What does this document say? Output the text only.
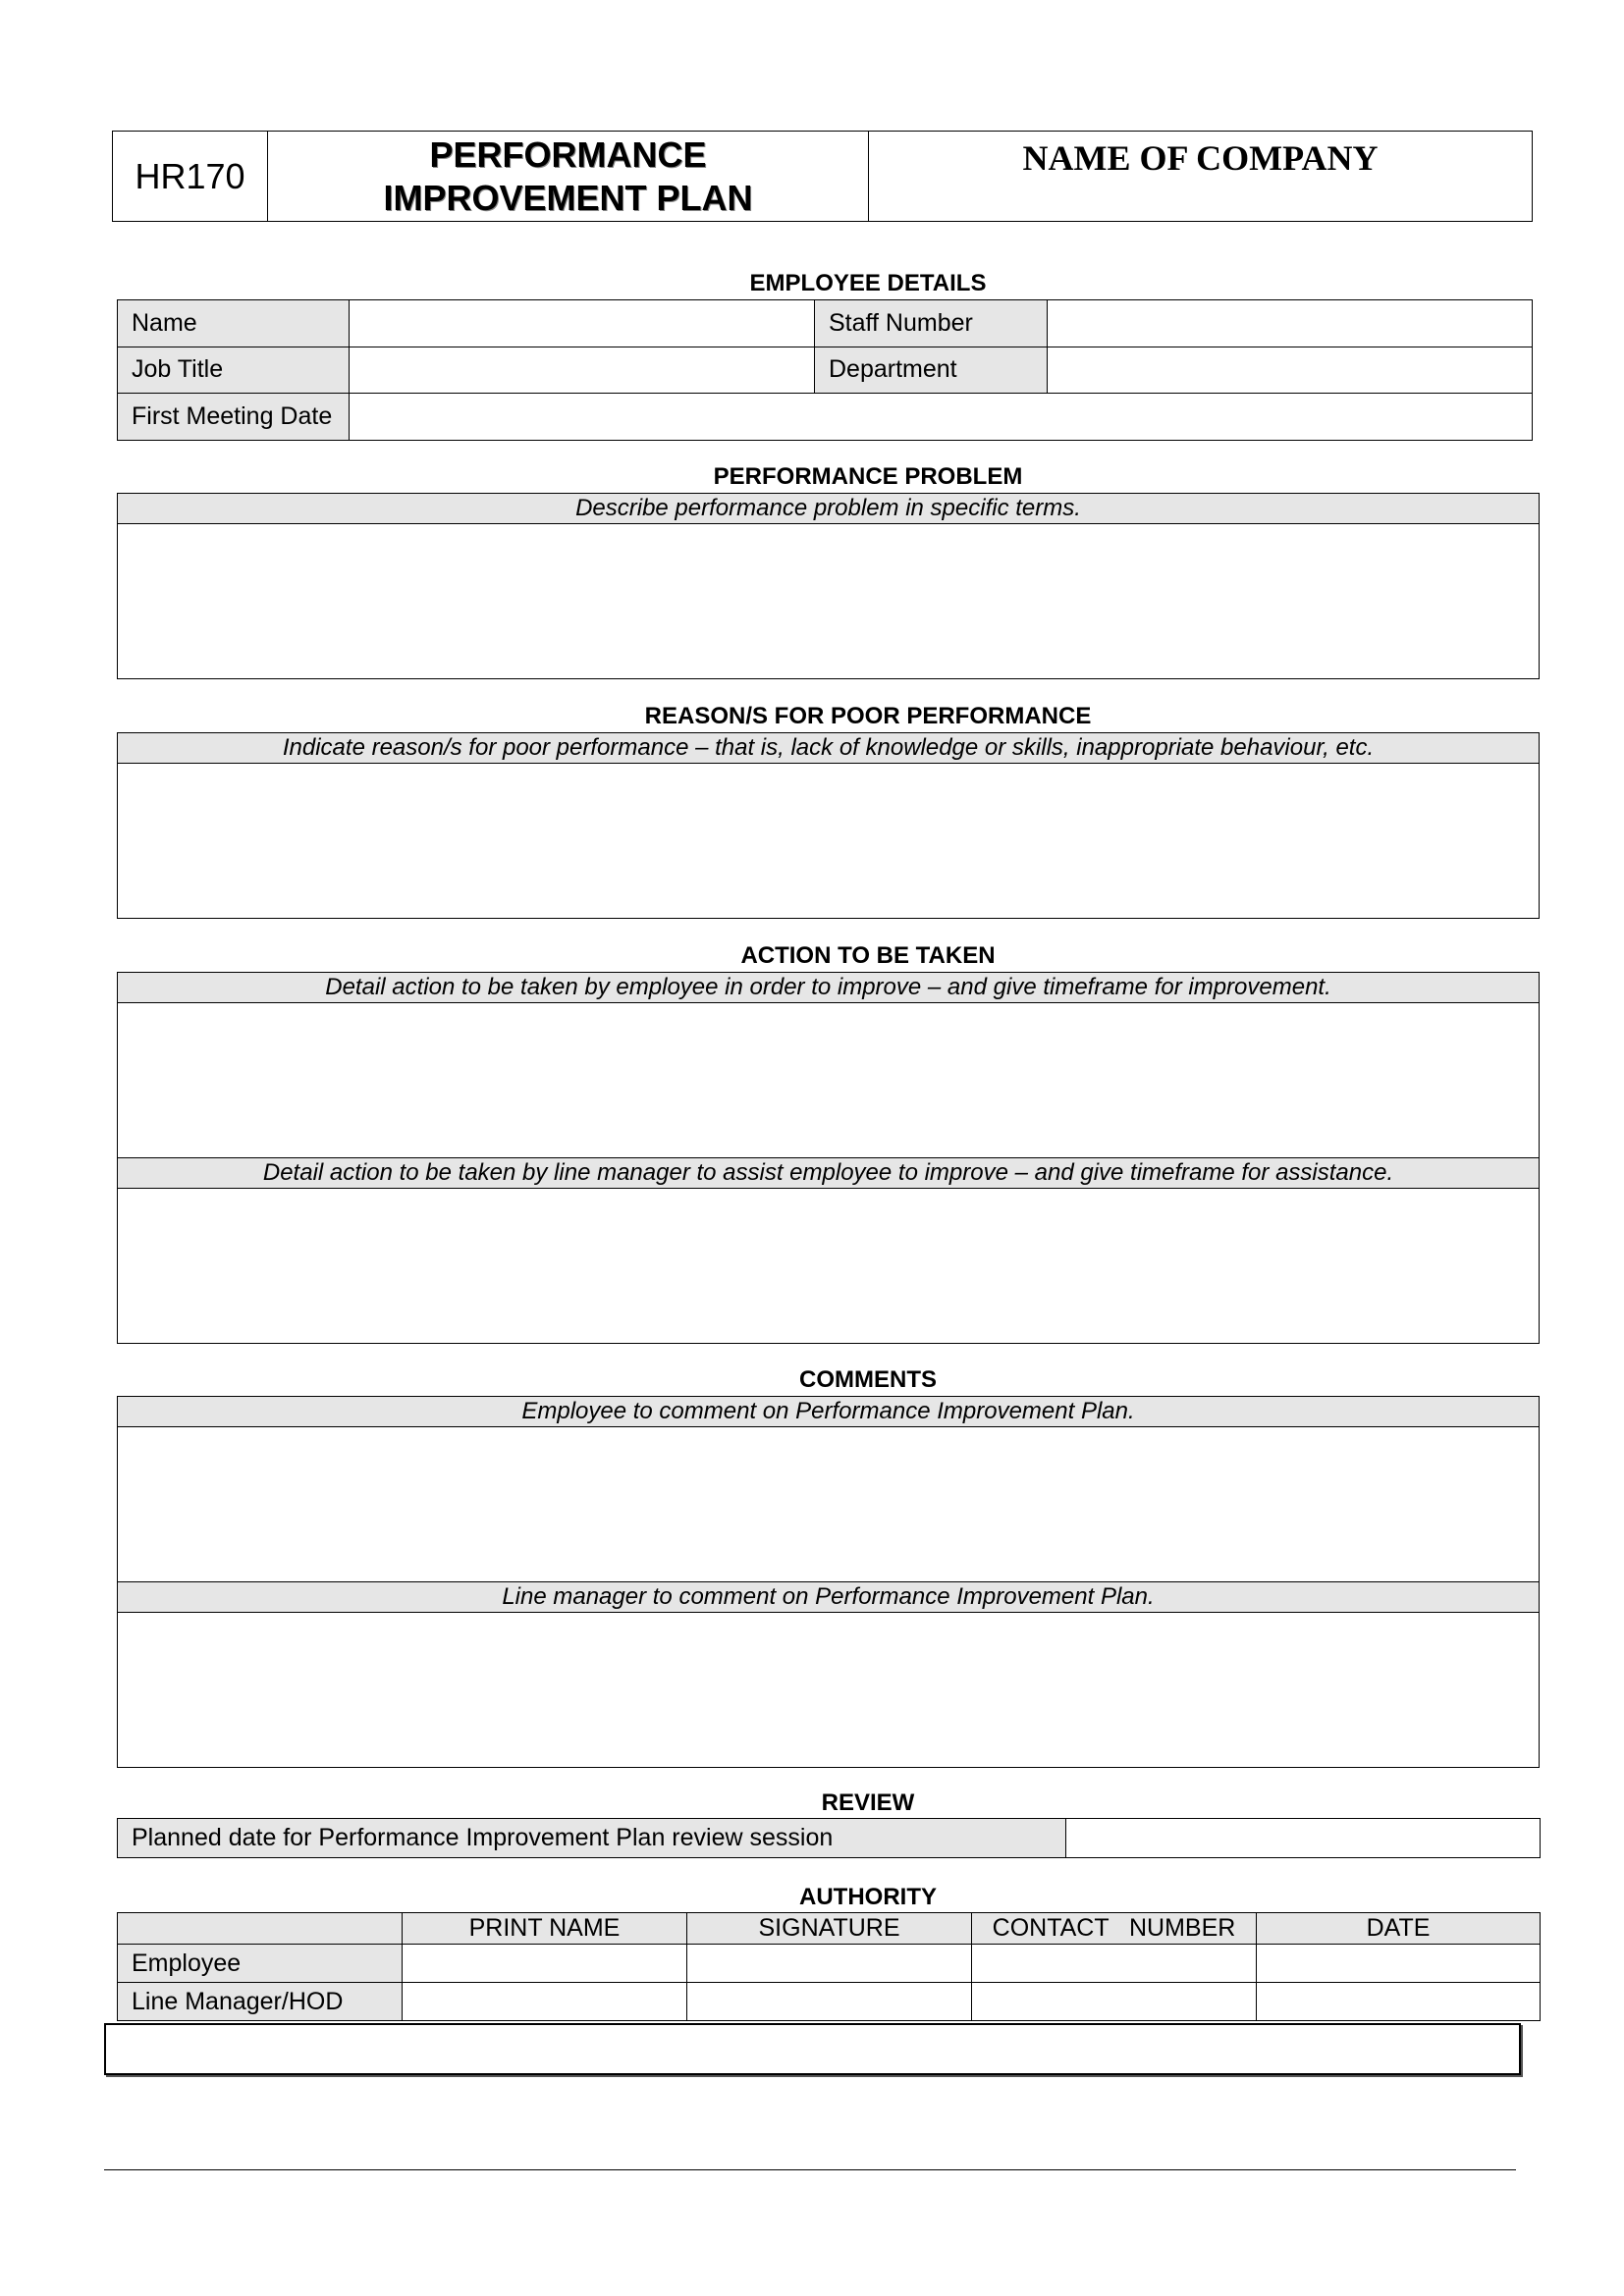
HR170	
PERFORMANCE
IMPROVEMENT PLAN
	NAME OF COMPANY
EMPLOYEE DETAILS
Name		Staff Number	
Job Title		Department	
First Meeting Date			
PERFORMANCE PROBLEM
Describe performance problem in specific terms.
REASON/S FOR POOR PERFORMANCE
Indicate reason/s for poor performance – that is, lack of knowledge or skills, inappropriate behaviour, etc.
ACTION TO BE TAKEN
Detail action to be taken by employee in order to improve – and give timeframe for improvement.
Detail action to be taken by line manager to assist employee to improve – and give timeframe for assistance.
COMMENTS
Employee to comment on Performance Improvement Plan.
Line manager to comment on Performance Improvement Plan.
REVIEW
Planned date for Performance Improvement Plan review session	
AUTHORITY
	PRINT NAME	SIGNATURE	CONTACT   NUMBER	DATE
Employee				
Line Manager/HOD				
